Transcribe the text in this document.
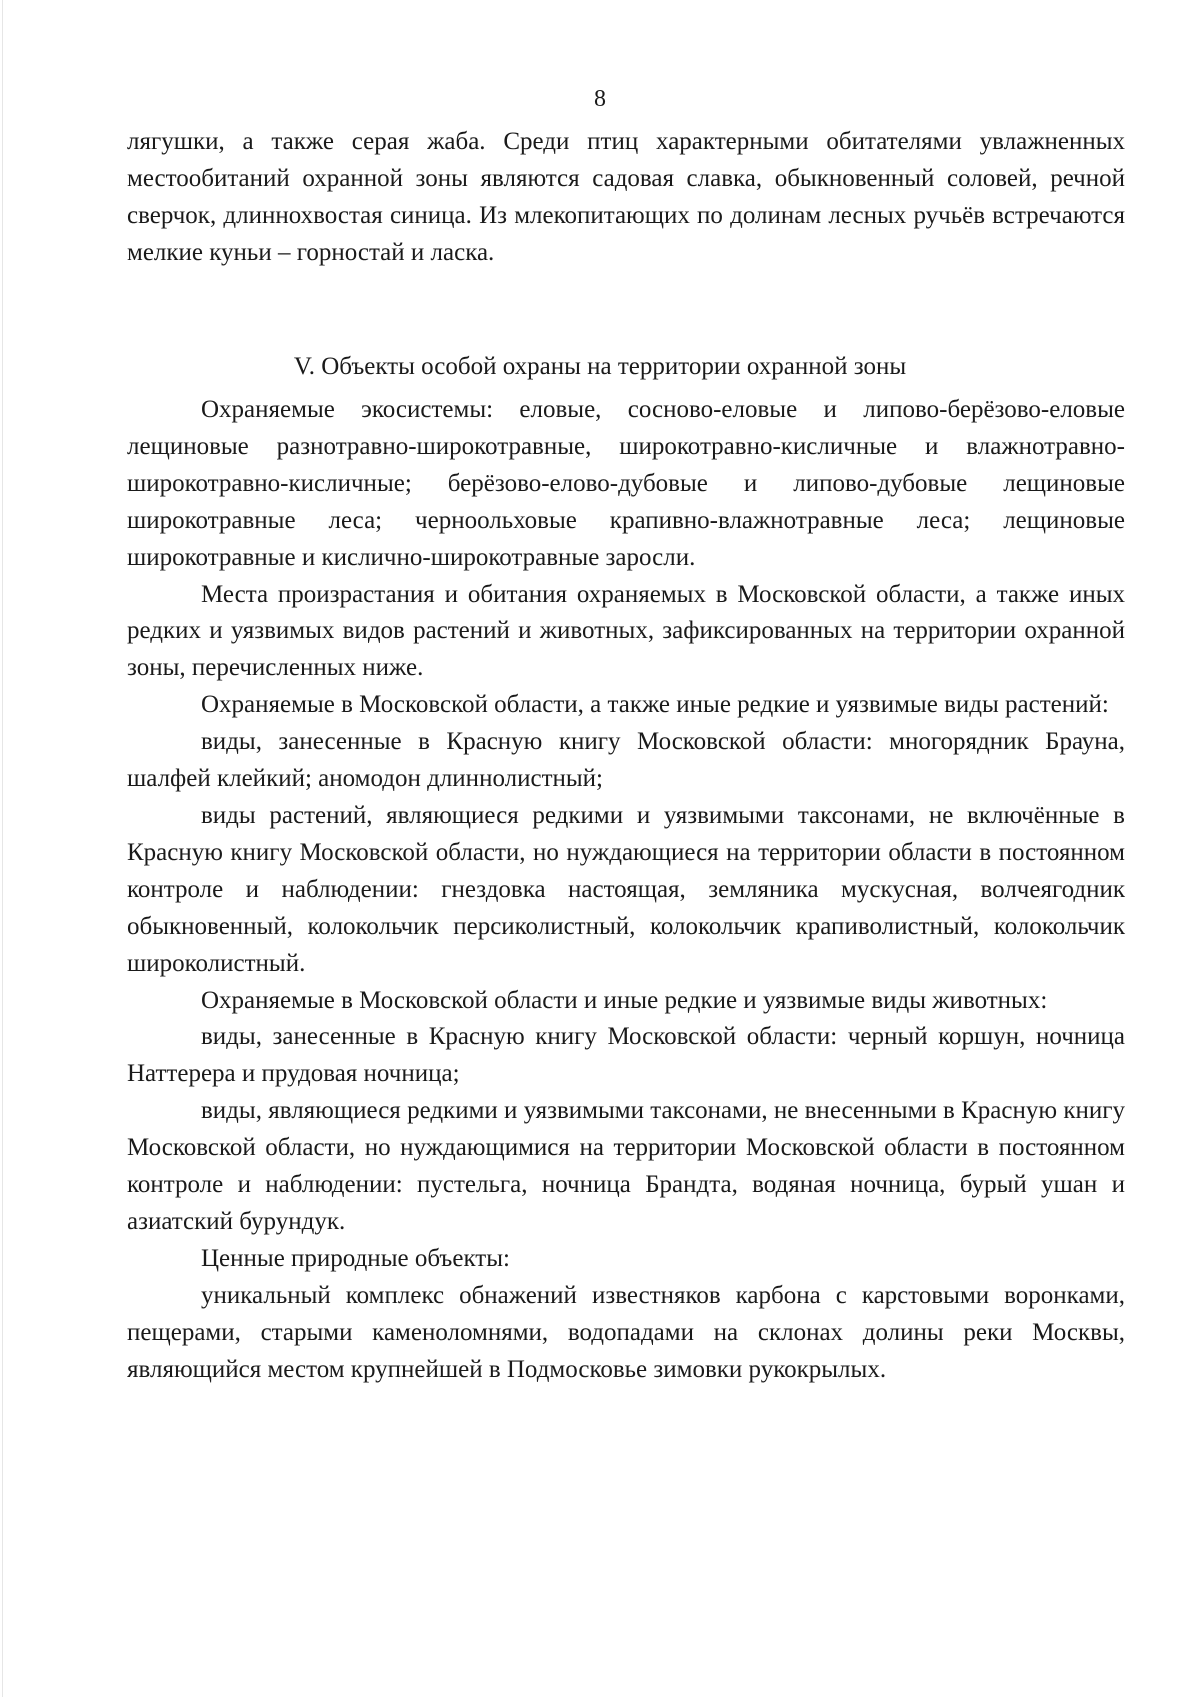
8

лягушки, а также серая жаба. Среди птиц характерными обитателями увлажненных местообитаний охранной зоны являются садовая славка, обыкновенный соловей, речной сверчок, длиннохвостая синица. Из млекопитающих по долинам лесных ручьёв встречаются мелкие куньи – горностай и ласка.

V. Объекты особой охраны на территории охранной зоны

Охраняемые экосистемы: еловые, сосново-еловые и липово-берёзово-еловые лещиновые разнотравно-широкотравные, широкотравно-кисличные и влажнотравно-широкотравно-кисличные; берёзово-елово-дубовые и липово-дубовые лещиновые широкотравные леса; черноольховые крапивно-влажнотравные леса; лещиновые широкотравные и кислично-широкотравные заросли.

Места произрастания и обитания охраняемых в Московской области, а также иных редких и уязвимых видов растений и животных, зафиксированных на территории охранной зоны, перечисленных ниже.

Охраняемые в Московской области, а также иные редкие и уязвимые виды растений:

виды, занесенные в Красную книгу Московской области: многорядник Брауна, шалфей клейкий; аномодон длиннолистный;

виды растений, являющиеся редкими и уязвимыми таксонами, не включённые в Красную книгу Московской области, но нуждающиеся на территории области в постоянном контроле и наблюдении: гнездовка настоящая, земляника мускусная, волчеягодник обыкновенный, колокольчик персиколистный, колокольчик крапиволистный, колокольчик широколистный.

Охраняемые в Московской области и иные редкие и уязвимые виды животных:

виды, занесенные в Красную книгу Московской области: черный коршун, ночница Наттерера и прудовая ночница;

виды, являющиеся редкими и уязвимыми таксонами, не внесенными в Красную книгу Московской области, но нуждающимися на территории Московской области в постоянном контроле и наблюдении: пустельга, ночница Брандта, водяная ночница, бурый ушан и азиатский бурундук.

Ценные природные объекты:

уникальный комплекс обнажений известняков карбона с карстовыми воронками, пещерами, старыми каменоломнями, водопадами на склонах долины реки Москвы, являющийся местом крупнейшей в Подмосковье зимовки рукокрылых.
